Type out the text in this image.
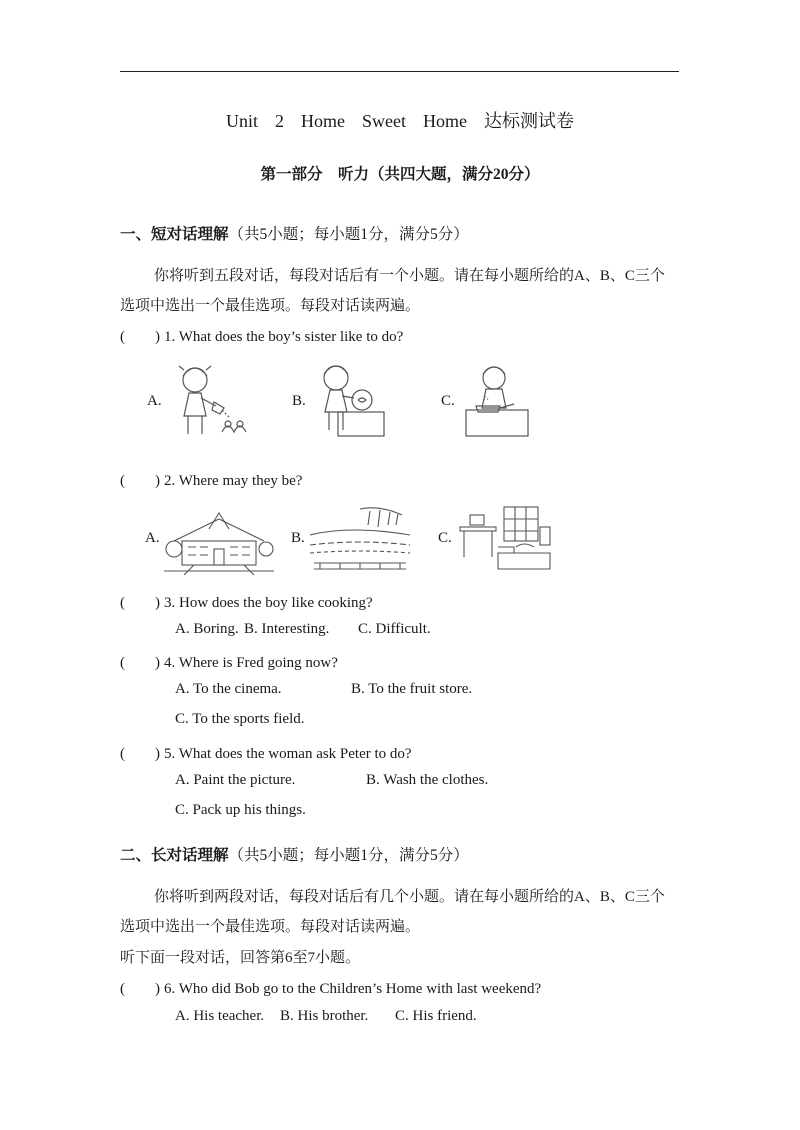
Unit  2  Home  Sweet  Home  达标测试卷
第一部分　听力（共四大题，满分20分）
一、短对话理解（共5小题；每小题1分，满分5分）
你将听到五段对话，每段对话后有一个小题。请在每小题所给的A、B、C三个
选项中选出一个最佳选项。每段对话读两遍。
(　　) 1. What does the boy’s sister like to do?
A.	B.	C.
(　　) 2. Where may they be?
A.	B.	C.
(　　) 3. How does the boy like cooking?
A. Boring. B. Interesting. C. Difficult.
(　　) 4. Where is Fred going now?
A. To the cinema.	B. To the fruit store.
C. To the sports field.
(　　) 5. What does the woman ask Peter to do?
A. Paint the picture.	B. Wash the clothes.
C. Pack up his things.
二、长对话理解（共5小题；每小题1分，满分5分）
你将听到两段对话，每段对话后有几个小题。请在每小题所给的A、B、C三个
选项中选出一个最佳选项。每段对话读两遍。
听下面一段对话，回答第6至7小题。
(　　) 6. Who did Bob go to the Children’s Home with last weekend?
A. His teacher. B. His brother. C. His friend.
